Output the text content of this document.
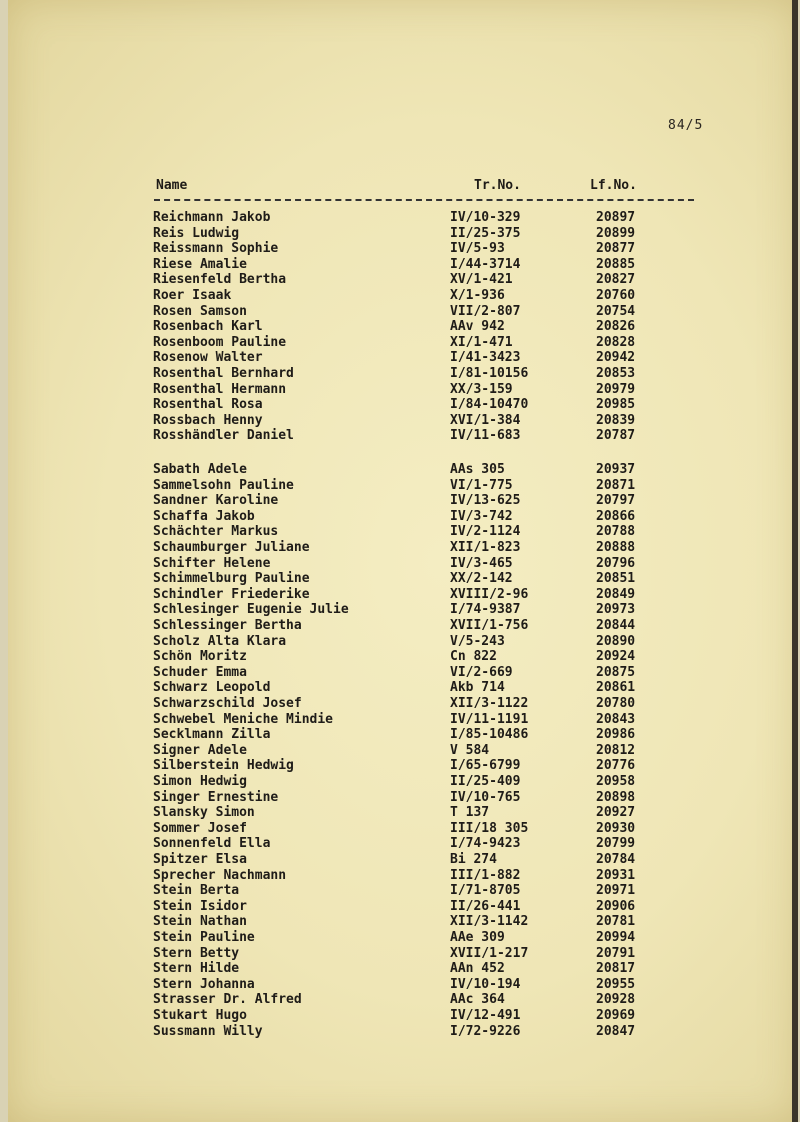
84/5
Name	Tr.No.	Lf.No.
Reichmann Jakob	IV/10-329	20897
Reis Ludwig	II/25-375	20899
Reissmann Sophie	IV/5-93	20877
Riese Amalie	I/44-3714	20885
Riesenfeld Bertha	XV/1-421	20827
Roer Isaak	X/1-936	20760
Rosen Samson	VII/2-807	20754
Rosenbach Karl	AAv 942	20826
Rosenboom Pauline	XI/1-471	20828
Rosenow Walter	I/41-3423	20942
Rosenthal Bernhard	I/81-10156	20853
Rosenthal Hermann	XX/3-159	20979
Rosenthal Rosa	I/84-10470	20985
Rossbach Henny	XVI/1-384	20839
Rosshändler Daniel	IV/11-683	20787
Sabath Adele	AAs 305	20937
Sammelsohn Pauline	VI/1-775	20871
Sandner Karoline	IV/13-625	20797
Schaffa Jakob	IV/3-742	20866
Schächter Markus	IV/2-1124	20788
Schaumburger Juliane	XII/1-823	20888
Schifter Helene	IV/3-465	20796
Schimmelburg Pauline	XX/2-142	20851
Schindler Friederike	XVIII/2-96	20849
Schlesinger Eugenie Julie	I/74-9387	20973
Schlessinger Bertha	XVII/1-756	20844
Scholz Alta Klara	V/5-243	20890
Schön Moritz	Cn 822	20924
Schuder Emma	VI/2-669	20875
Schwarz Leopold	Akb 714	20861
Schwarzschild Josef	XII/3-1122	20780
Schwebel Meniche Mindie	IV/11-1191	20843
Secklmann Zilla	I/85-10486	20986
Signer Adele	V 584	20812
Silberstein Hedwig	I/65-6799	20776
Simon Hedwig	II/25-409	20958
Singer Ernestine	IV/10-765	20898
Slansky Simon	T 137	20927
Sommer Josef	III/18 305	20930
Sonnenfeld Ella	I/74-9423	20799
Spitzer Elsa	Bi 274	20784
Sprecher Nachmann	III/1-882	20931
Stein Berta	I/71-8705	20971
Stein Isidor	II/26-441	20906
Stein Nathan	XII/3-1142	20781
Stein Pauline	AAe 309	20994
Stern Betty	XVII/1-217	20791
Stern Hilde	AAn 452	20817
Stern Johanna	IV/10-194	20955
Strasser Dr. Alfred	AAc 364	20928
Stukart Hugo	IV/12-491	20969
Sussmann Willy	I/72-9226	20847
